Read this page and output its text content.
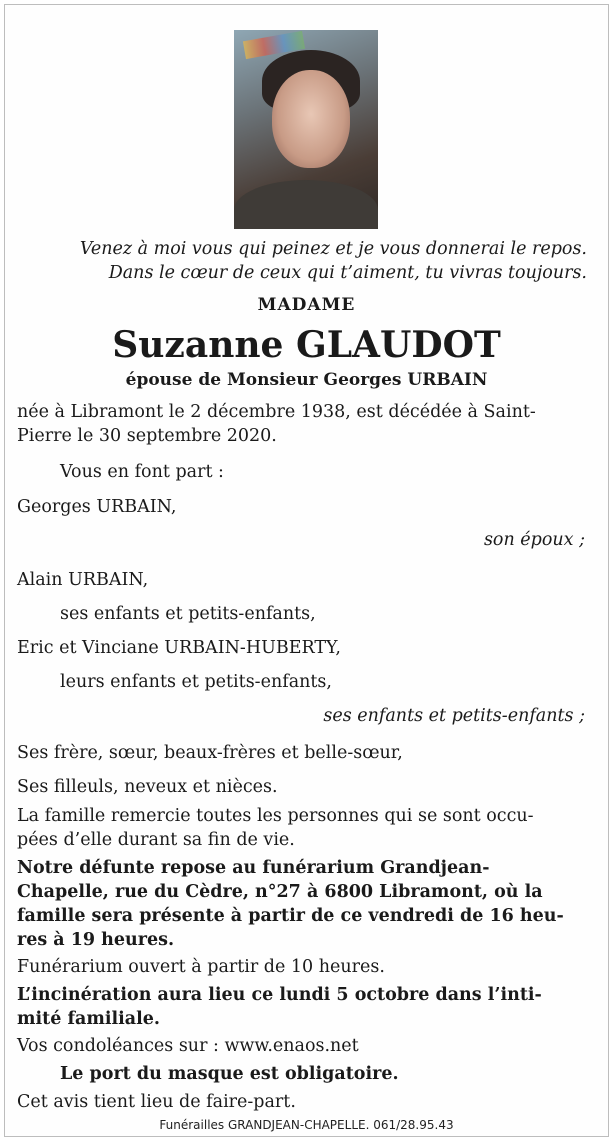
Venez à moi vous qui peinez et je vous donnerai le repos.
Dans le cœur de ceux qui t’aiment, tu vivras toujours.
MADAME
Suzanne GLAUDOT
épouse de Monsieur Georges URBAIN
née à Libramont le 2 décembre 1938, est décédée à Saint-
Pierre le 30 septembre 2020.
Vous en font part :
Georges URBAIN,
son époux ;
Alain URBAIN,
ses enfants et petits-enfants,
Eric et Vinciane URBAIN-HUBERTY,
leurs enfants et petits-enfants,
ses enfants et petits-enfants ;
Ses frère, sœur, beaux-frères et belle-sœur,
Ses filleuls, neveux et nièces.
La famille remercie toutes les personnes qui se sont occu-
pées d’elle durant sa fin de vie.
Notre défunte repose au funérarium Grandjean-
Chapelle, rue du Cèdre, n°27 à 6800 Libramont, où la
famille sera présente à partir de ce vendredi de 16 heu-
res à 19 heures.
Funérarium ouvert à partir de 10 heures.
L’incinération aura lieu ce lundi 5 octobre dans l’inti-
mité familiale.
Vos condoléances sur : www.enaos.net
Le port du masque est obligatoire.
Cet avis tient lieu de faire-part.
Funérailles GRANDJEAN-CHAPELLE. 061/28.95.43
